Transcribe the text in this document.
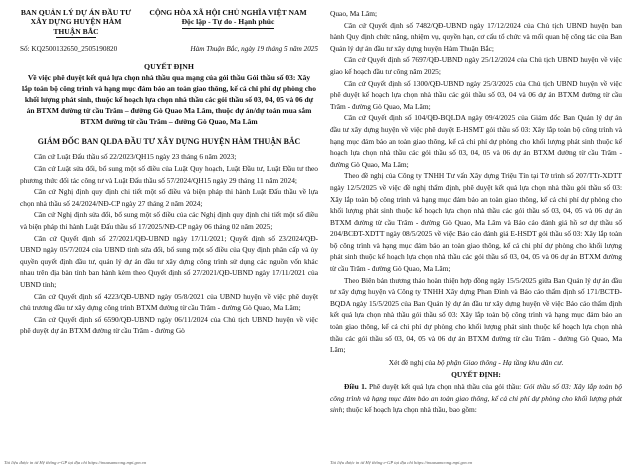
BAN QUẢN LÝ DỰ ÁN ĐẦU TƯ XÂY DỰNG HUYỆN HÀM THUẬN BẮC
CỘNG HÒA XÃ HỘI CHỦ NGHĨA VIỆT NAM
Độc lập - Tự do - Hạnh phúc
Số: KQ2500132650_2505190820	Hàm Thuận Bắc, ngày 19 tháng 5 năm 2025
QUYẾT ĐỊNH
Về việc phê duyệt kết quả lựa chọn nhà thầu qua mạng của gói thầu Gói thầu số 03: Xây lắp toàn bộ công trình và hạng mục đảm bảo an toàn giao thông, kế cả chi phí dự phòng cho khối lượng phát sinh, thuộc kế hoạch lựa chọn nhà thầu các gói thầu số 03, 04, 05 và 06 dự án BTXM đường từ cầu Trâm – đường Gò Quao Ma Lâm, thuộc dự án/dự toán mua sắm BTXM đường từ cầu Trâm – đường Gò Quao, Ma Lâm
GIÁM ĐỐC BAN QLDA ĐẦU TƯ XÂY DỰNG HUYỆN HÀM THUẬN BẮC

Căn cứ Luật Đấu thầu số 22/2023/QH15 ngày 23 tháng 6 năm 2023;

Căn cứ Luật sửa đổi, bổ sung một số điều của Luật Quy hoạch, Luật Đầu tư, Luật Đầu tư theo phương thức đối tác công tư và Luật Đấu thầu số 57/2024/QH15 ngày 29 tháng 11 năm 2024;

Căn cứ Nghị định quy định chi tiết một số điều và biện pháp thi hành Luật Đấu thầu về lựa chọn nhà thầu số 24/2024/NĐ-CP ngày 27 tháng 2 năm 2024;

Căn cứ Nghị định sửa đổi, bổ sung một số điều của các Nghị định quy định chi tiết một số điều và biện pháp thi hành Luật Đấu thầu số 17/2025/NĐ-CP ngày 06 tháng 02 năm 2025;

Căn cứ Quyết định số 27/2021/QĐ-UBND ngày 17/11/2021; Quyết định số 23/2024/QĐ-UBND ngày 05/7/2024 của UBND tỉnh sửa đổi, bổ sung một số điều của Quy định phân cấp và ủy quyền quyết định đầu tư, quản lý dự án đầu tư xây dựng công trình sử dụng các nguồn vốn khác nhau trên địa bàn tỉnh ban hành kèm theo Quyết định số 27/2021/QĐ-UBND ngày 17/11/2021 của UBND tỉnh;

Căn cứ Quyết định số 4223/QĐ-UBND ngày 05/8/2021 của UBND huyện về việc phê duyệt chủ trương đầu tư xây dựng công trình BTXM đường từ cầu Trâm - đường Gò Quao, Ma Lâm;

Căn cứ Quyết định số 6590/QĐ-UBND ngày 06/11/2024 của Chủ tịch UBND huyện về việc phê duyệt dự án BTXM đường từ cầu Trâm - đường Gò

Quao, Ma Lâm;

Căn cứ Quyết định số 7482/QĐ-UBND ngày 17/12/2024 của Chủ tịch UBND huyện ban hành Quy định chức năng, nhiệm vụ, quyền hạn, cơ cấu tổ chức và mối quan hệ công tác của Ban Quản lý dự án đầu tư xây dựng huyện Hàm Thuận Bắc;

Căn cứ Quyết định số 7697/QĐ-UBND ngày 25/12/2024 của Chủ tịch UBND huyện về việc giao kế hoạch đầu tư công năm 2025;

Căn cứ Quyết định số 1300/QĐ-UBND ngày 25/3/2025 của Chủ tịch UBND huyện về việc phê duyệt kế hoạch lựa chọn nhà thầu các gói thầu số 03, 04 và 06 dự án BTXM đường từ cầu Trâm - đường Gò Quao, Ma Lâm;

Căn cứ Quyết định số 104/QĐ-BQLDA ngày 09/4/2025 của Giám đốc Ban Quản lý dự án đầu tư xây dựng huyện về việc phê duyệt E-HSMT gói thầu số 03: Xây lắp toàn bộ công trình và hạng mục đảm bảo an toàn giao thông, kể cả chi phí dự phòng cho khối lượng phát sinh thuộc kế hoạch lựa chọn nhà thầu các gói thầu số 03, 04, 05 và 06 dự án BTXM đường từ cầu Trâm - đường Gò Quao, Ma Lâm;

Theo đề nghị của Công ty TNHH Tư vấn Xây dựng Triệu Tín tại Tờ trình số 207/TTr-XDTT ngày 12/5/2025 về việc đề nghị thẩm định, phê duyệt kết quả lựa chọn nhà thầu gói thầu số 03: Xây lắp toàn bộ công trình và hạng mục đảm bảo an toàn giao thông, kể cả chi phí dự phòng cho khối lượng phát sinh thuộc kế hoạch lựa chọn nhà thầu các gói thầu số 03, 04, 05 và 06 dự án BTXM đường từ cầu Trâm - đường Gò Quao, Ma Lâm và Báo cáo đánh giá hồ sơ dự thầu số 204/BCĐT-XDTT ngày 08/5/2025 về việc Báo cáo đánh giá E-HSDT gói thầu số 03: Xây lắp toàn bộ công trình và hạng mục đảm bảo an toàn giao thông, kể cả chi phí dự phòng cho khối lượng phát sinh thuộc kế hoạch lựa chọn nhà thầu các gói thầu số 03, 04, 05 và 06 dự án BTXM đường từ cầu Trâm - đường Gò Quao, Ma Lâm;

Theo Biên bản thương thảo hoàn thiện hợp đồng ngày 15/5/2025 giữa Ban Quản lý dự án đầu tư xây dựng huyện và Công ty TNHH Xây dựng Phan Đình và Báo cáo thẩm định số 171/BCTĐ-BQDA ngày 15/5/2025 của Ban Quản lý dự án đầu tư xây dựng huyện về việc Báo cáo thẩm định kết quả lựa chọn nhà thầu gói thầu số 03: Xây lắp toàn bộ công trình và hạng mục đảm bảo an toàn giao thông, kể cả chi phí dự phòng cho khối lượng phát sinh thuộc kế hoạch lựa chọn nhà thầu các gói thầu số 03, 04, 05 và 06 dự án BTXM đường từ cầu Trâm - đường Gò Quao, Ma Lâm;

Xét đề nghị của bộ phận Giao thông - Hạ tầng khu dân cư.
QUYẾT ĐỊNH:

Điều 1. Phê duyệt kết quả lựa chọn nhà thầu của gói thầu: Gói thầu số 03: Xây lắp toàn bộ công trình và hạng mục đảm bảo an toàn giao thông, kể cả chi phí dự phòng cho khối lượng phát sinh; thuộc kế hoạch lựa chọn nhà thầu, bao gồm:

Tài liệu được in từ Hệ thống e-GP tại địa chỉ https://muasamcong.mpi.gov.vn	Tài liệu được in từ Hệ thống e-GP tại địa chỉ https://muasamcong.mpi.gov.vn
